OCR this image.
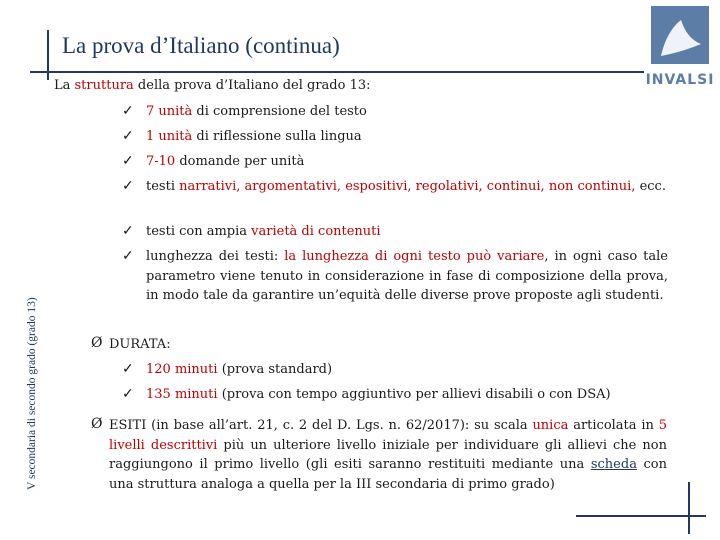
La prova d’Italiano (continua)
INVALSI
V secondaria di secondo grado (grado 13)
La struttura della prova d’Italiano del grado 13:
✓ 7 unità di comprensione del testo
✓ 1 unità di riflessione sulla lingua
✓ 7-10 domande per unità
✓ testi narrativi, argomentativi, espositivi, regolativi, continui, non continui, ecc.
✓ testi con ampia varietà di contenuti
✓ lunghezza dei testi: la lunghezza di ogni testo può variare, in ogni caso tale parametro viene tenuto in considerazione in fase di composizione della prova, in modo tale da garantire un’equità delle diverse prove proposte agli studenti.
Ø DURATA:
✓ 120 minuti (prova standard)
✓ 135 minuti (prova con tempo aggiuntivo per allievi disabili o con DSA)
Ø ESITI (in base all’art. 21, c. 2 del D. Lgs. n. 62/2017): su scala unica articolata in 5 livelli descrittivi più un ulteriore livello iniziale per individuare gli allievi che non raggiungono il primo livello (gli esiti saranno restituiti mediante una scheda con una struttura analoga a quella per la III secondaria di primo grado)
